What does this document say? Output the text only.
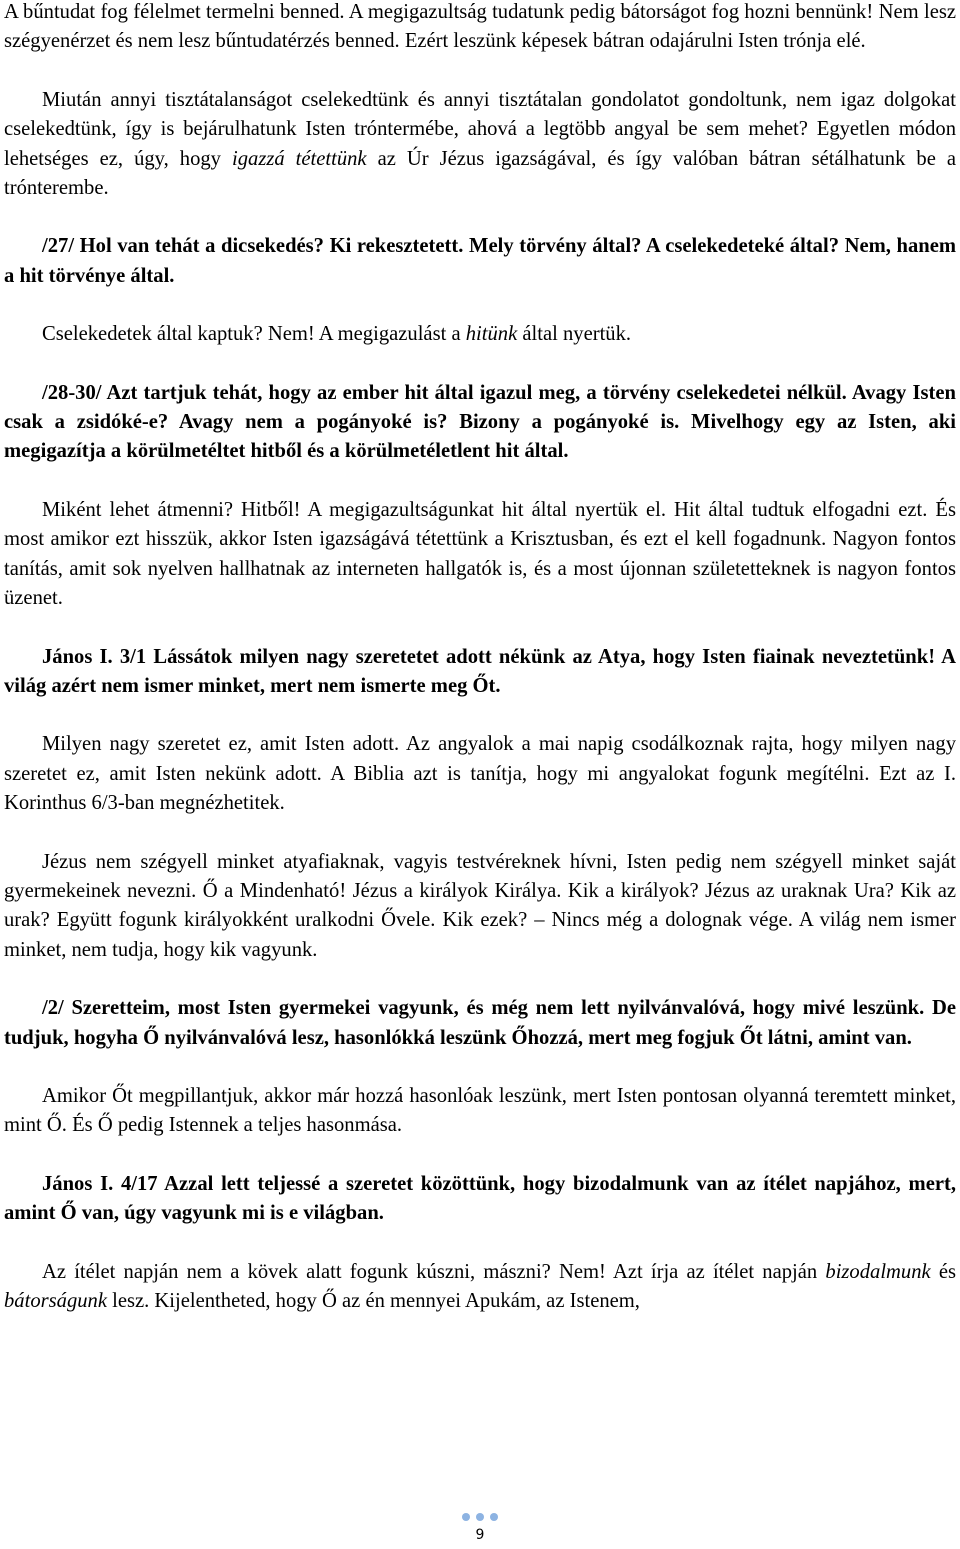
A bűntudat fog félelmet termelni benned. A megigazultság tudatunk pedig bátorságot fog hozni bennünk! Nem lesz szégyenérzet és nem lesz bűntudatérzés benned. Ezért leszünk képesek bátran odajárulni Isten trónja elé.

Miután annyi tisztátalanságot cselekedtünk és annyi tisztátalan gondolatot gondoltunk, nem igaz dolgokat cselekedtünk, így is bejárulhatunk Isten tróntermébe, ahová a legtöbb angyal be sem mehet? Egyetlen módon lehetséges ez, úgy, hogy igazzá tétettünk az Úr Jézus igazságával, és így valóban bátran sétálhatunk be a trónterembe.

/27/ Hol van tehát a dicsekedés? Ki rekesztetett. Mely törvény által? A cselekedeteké által? Nem, hanem a hit törvénye által.

Cselekedetek által kaptuk? Nem! A megigazulást a hitünk által nyertük.

/28-30/ Azt tartjuk tehát, hogy az ember hit által igazul meg, a törvény cselekedetei nélkül. Avagy Isten csak a zsidóké-e? Avagy nem a pogányoké is? Bizony a pogányoké is. Mivelhogy egy az Isten, aki megigazítja a körülmetéltet hitből és a körülmetéletlent hit által.

Miként lehet átmenni? Hitből! A megigazultságunkat hit által nyertük el. Hit által tudtuk elfogadni ezt. És most amikor ezt hisszük, akkor Isten igazságává tétettünk a Krisztusban, és ezt el kell fogadnunk. Nagyon fontos tanítás, amit sok nyelven hallhatnak az interneten hallgatók is, és a most újonnan születetteknek is nagyon fontos üzenet.

János I. 3/1 Lássátok milyen nagy szeretetet adott nékünk az Atya, hogy Isten fiainak neveztetünk! A világ azért nem ismer minket, mert nem ismerte meg Őt.

Milyen nagy szeretet ez, amit Isten adott. Az angyalok a mai napig csodálkoznak rajta, hogy milyen nagy szeretet ez, amit Isten nekünk adott. A Biblia azt is tanítja, hogy mi angyalokat fogunk megítélni. Ezt az I. Korinthus 6/3-ban megnézhetitek.

Jézus nem szégyell minket atyafiaknak, vagyis testvéreknek hívni, Isten pedig nem szégyell minket saját gyermekeinek nevezni. Ő a Mindenható! Jézus a királyok Királya. Kik a királyok? Jézus az uraknak Ura? Kik az urak? Együtt fogunk királyokként uralkodni Ővele. Kik ezek? – Nincs még a dolognak vége. A világ nem ismer minket, nem tudja, hogy kik vagyunk.

/2/ Szeretteim, most Isten gyermekei vagyunk, és még nem lett nyilvánvalóvá, hogy mivé leszünk. De tudjuk, hogyha Ő nyilvánvalóvá lesz, hasonlókká leszünk Őhozzá, mert meg fogjuk Őt látni, amint van.

Amikor Őt megpillantjuk, akkor már hozzá hasonlóak leszünk, mert Isten pontosan olyanná teremtett minket, mint Ő. És Ő pedig Istennek a teljes hasonmása.

János I. 4/17 Azzal lett teljessé a szeretet közöttünk, hogy bizodalmunk van az ítélet napjához, mert, amint Ő van, úgy vagyunk mi is e világban.

Az ítélet napján nem a kövek alatt fogunk kúszni, mászni? Nem! Azt írja az ítélet napján bizodalmunk és bátorságunk lesz. Kijelentheted, hogy Ő az én mennyei Apukám, az Istenem,

9
